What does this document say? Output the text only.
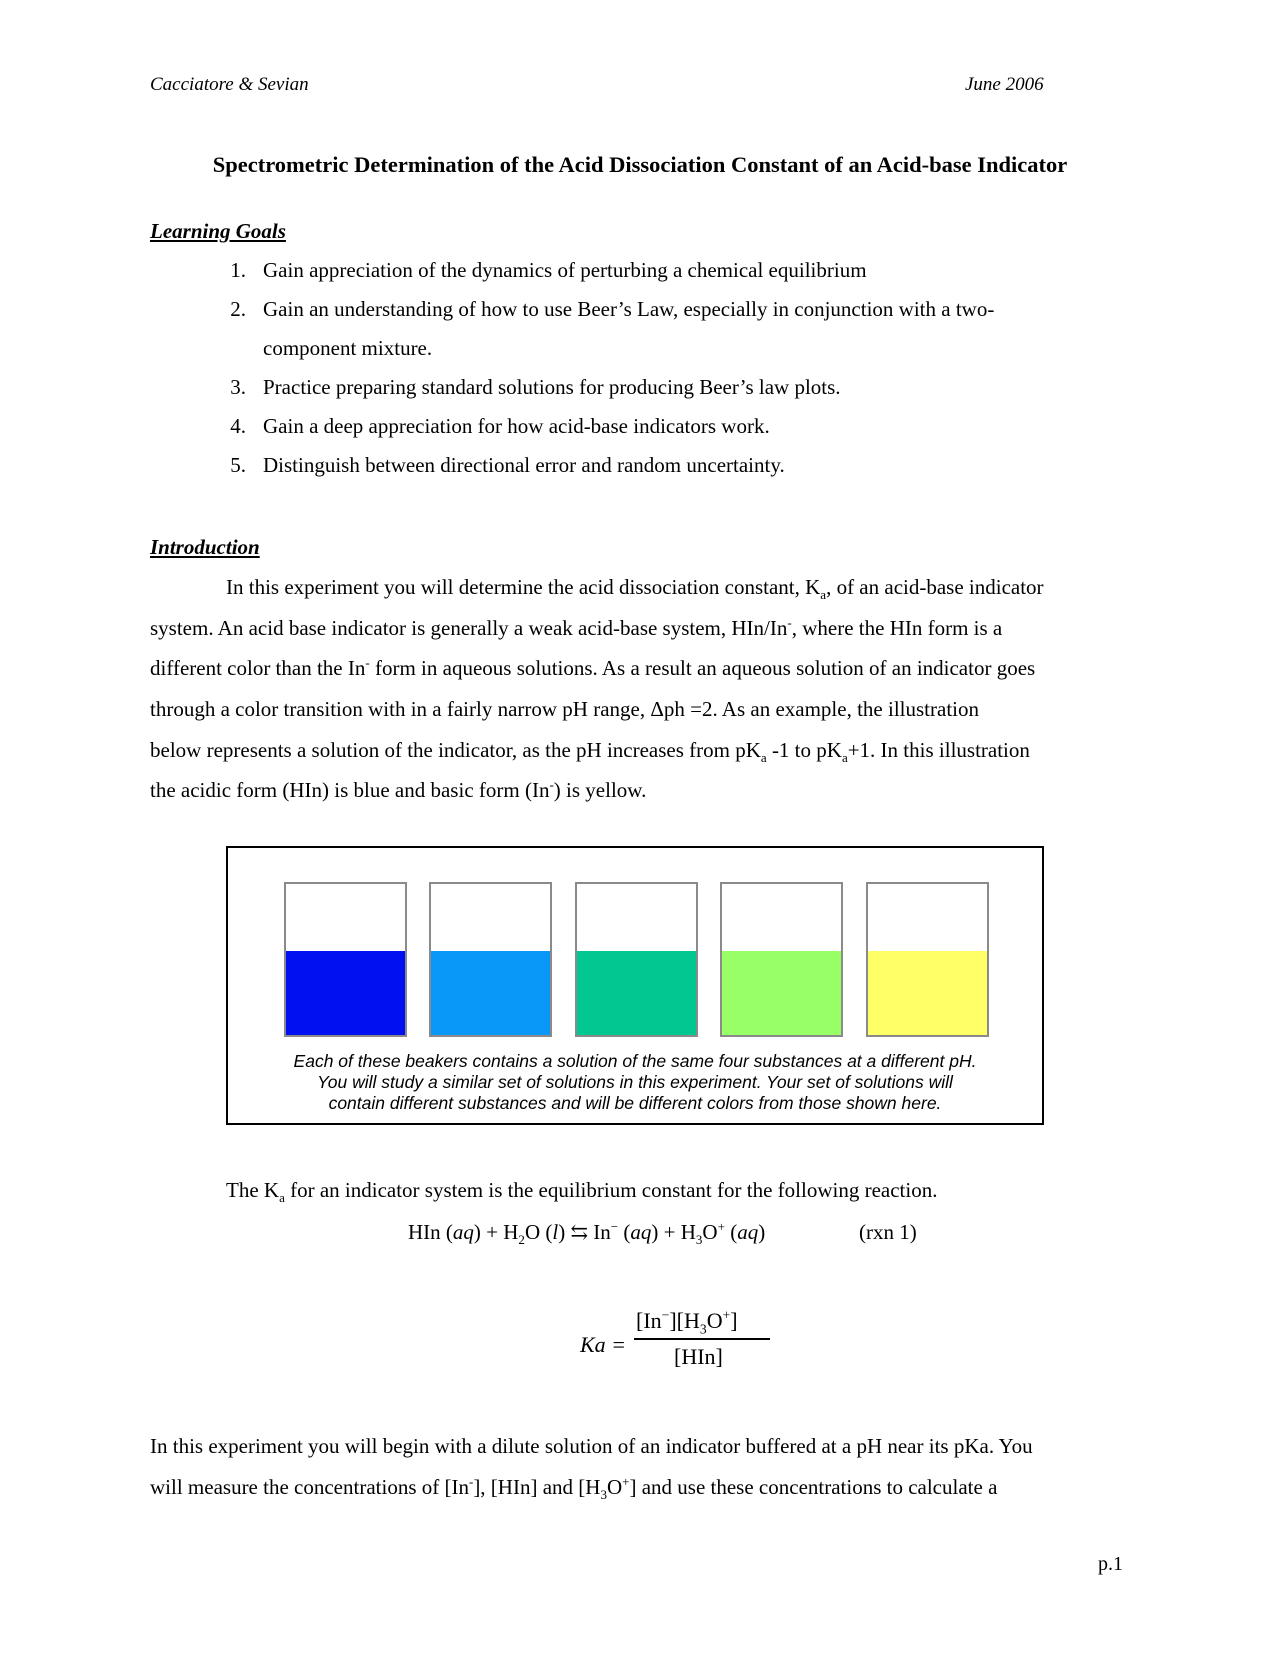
Cacciatore & Sevian	June 2006
Spectrometric Determination of the Acid Dissociation Constant of an Acid-base Indicator
Learning Goals
1. Gain appreciation of the dynamics of perturbing a chemical equilibrium
2. Gain an understanding of how to use Beer’s Law, especially in conjunction with a two-
component mixture.
3. Practice preparing standard solutions for producing Beer’s law plots.
4. Gain a deep appreciation for how acid-base indicators work.
5. Distinguish between directional error and random uncertainty.
Introduction
In this experiment you will determine the acid dissociation constant, $K_a$, of an acid-base indicator
system. An acid base indicator is generally a weak acid-base system, HIn/In-, where the HIn form is a
different color than the In- form in aqueous solutions. As a result an aqueous solution of an indicator goes
through a color transition with in a fairly narrow pH range, Δph =2. As an example, the illustration
below represents a solution of the indicator, as the pH increases from $pK_a$ -1 to $pK_a+1$. In this illustration
the acidic form (HIn) is blue and basic form (In-) is yellow.
Each of these beakers contains a solution of the same four substances at a different pH.
You will study a similar set of solutions in this experiment. Your set of solutions will
contain different substances and will be different colors from those shown here.
The $K_a$ for an indicator system is the equilibrium constant for the following reaction.
HIn $(aq) + H_2O$ (l) ⇆ In− $(aq) + H_3O^+$ (aq)	(rxn 1)
Ka =
$[In^-][H_3O^+]$
[HIn]
In this experiment you will begin with a dilute solution of an indicator buffered at a pH near its pKa. You
will measure the concentrations of [In-], [HIn] and $[H_3O^+]$ and use these concentrations to calculate a
p.1
